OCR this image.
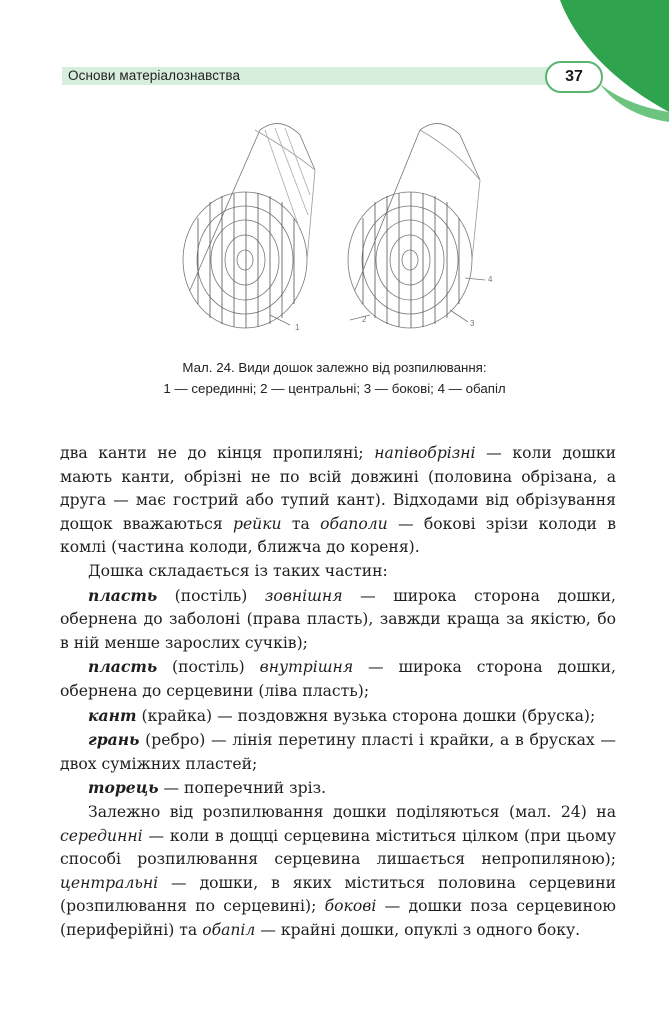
Основи матеріалознавства	37
1
2	3
4
Мал. 24. Види дошок залежно від розпилювання:
1 — серединні; 2 — центральні; 3 — бокові; 4 — обапіл

два канти не до кінця пропиляні; напівобрізні — коли дошки мають канти, обрізні не по всій довжині (половина обрізана, а друга — має гострий або тупий кант). Відходами від обрізування дощок вважаються рейки та обаполи — бокові зрізи колоди в комлі (частина колоди, ближча до кореня).

Дошка складається із таких частин:

пласть (постіль) зовнішня — широка сторона дошки, обернена до заболоні (права пласть), завжди краща за якістю, бо в ній менше зарослих сучків);

пласть (постіль) внутрішня — широка сторона дошки, обернена до серцевини (ліва пласть);

кант (крайка) — поздовжня вузька сторона дошки (бруска);

грань (ребро) — лінія перетину пласті і крайки, а в брусках — двох суміжних пластей;

торець — поперечний зріз.

Залежно від розпилювання дошки поділяються (мал. 24) на серединні — коли в дощці серцевина міститься цілком (при цьому способі розпилювання серцевина лишається непропиляною); центральні — дошки, в яких міститься половина серцевини (розпилювання по серцевині); бокові — дошки поза серцевиною (периферійні) та обапіл — крайні дошки, опуклі з одного боку.
